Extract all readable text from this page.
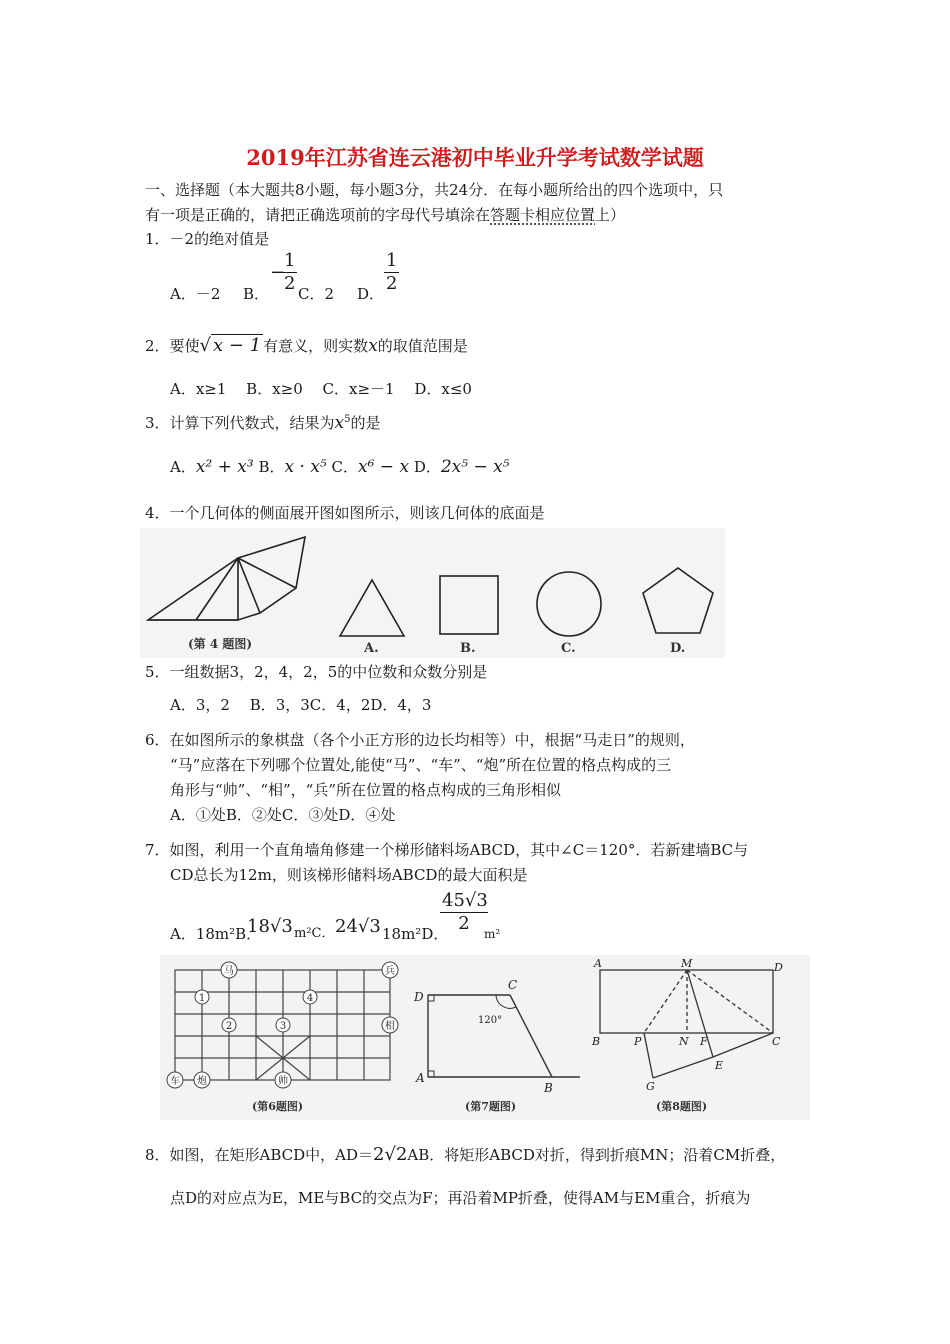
2019年江苏省连云港初中毕业升学考试数学试题
一、选择题（本大题共8小题，每小题3分，共24分．在每小题所给出的四个选项中，只
有一项是正确的，请把正确选项前的字母代号填涂在答题卡相应位置上）
1．－2的绝对值是
A．－2 B．
−
$\frac{1}{2}$ C．2 D． $\frac{1}{2}$
2．要使√ x − 1 有意义，则实数x的取值范围是
A．x≥1　 B．x≥0　 C．x≥－1　 D．x≤0
3．计算下列代数式，结果为$x^5$的是
A．x² + x³ B．x · x⁵ C．x⁶ − x D．2x⁵ − x⁵
4．一个几何体的侧面展开图如图所示，则该几何体的底面是
(第 4 题图)	A.	B.	C.	D.
5．一组数据3，2，4，2，5的中位数和众数分别是
A．3，2　 B．3，3C．4，2D．4，3
6．在如图所示的象棋盘（各个小正方形的边长均相等）中，根据“马走日”的规则，
“马”应落在下列哪个位置处,能使“马”、“车”、“炮”所在位置的格点构成的三
角形与“帅”、“相”，“兵”所在位置的格点构成的三角形相似
A．①处B．②处C．③处D．④处
7．如图，利用一个直角墙角修建一个梯形储料场ABCD，其中∠C＝120°．若新建墙BC与
CD总长为12m，则该梯形储料场ABCD的最大面积是
A．18m²B．
18√3 m²C． 24√3 18m²D．
$\frac{45√3}{2}$
m²
马	兵
相
车 炮	帅
1
2	3
4
(第6题图)
D
C
A
B
120°
(第7题图)
A	M	D
B	P	N F	C
E
G
(第8题图)
8．如图，在矩形ABCD中，AD＝2√2AB．将矩形ABCD对折，得到折痕MN；沿着CM折叠，
点D的对应点为E，ME与BC的交点为F；再沿着MP折叠，使得AM与EM重合，折痕为
